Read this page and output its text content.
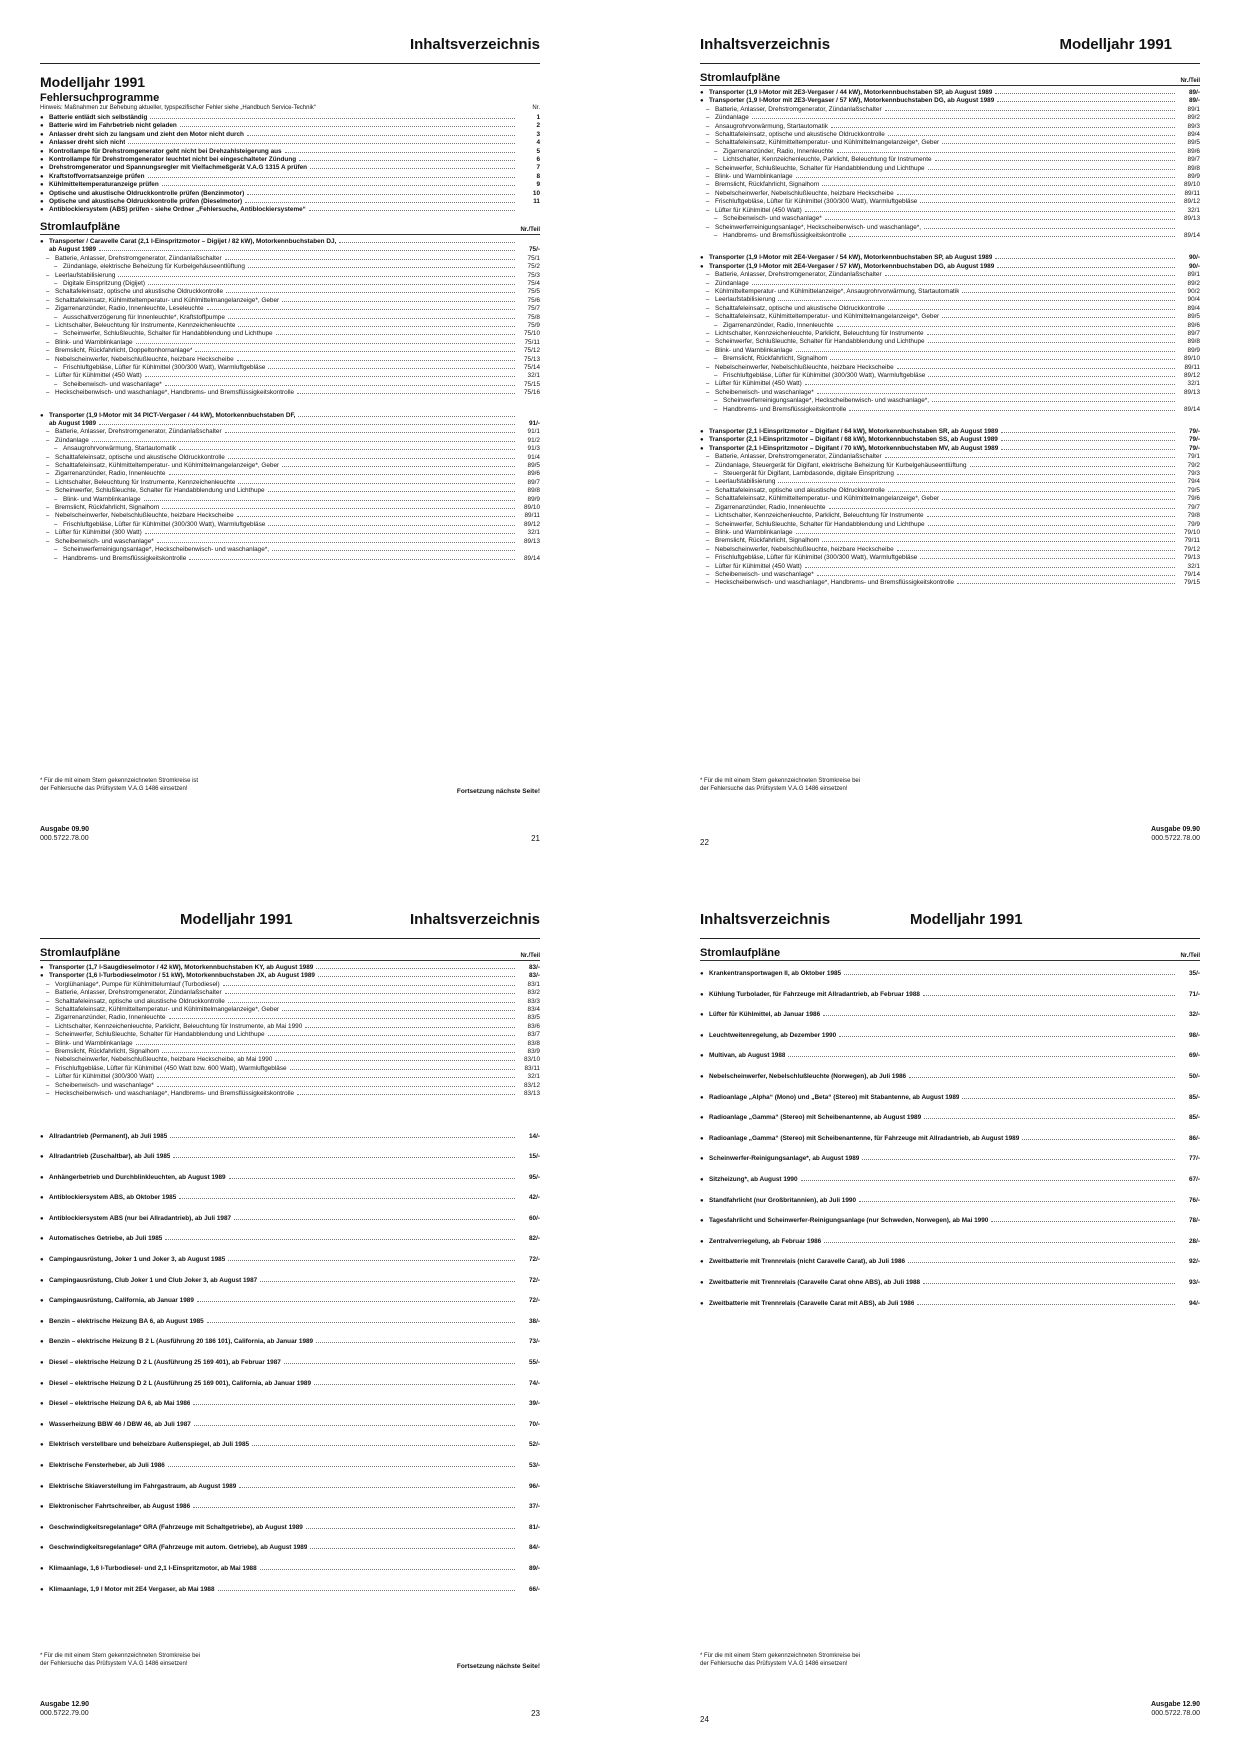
Inhaltsverzeichnis
Modelljahr 1991
Fehlersuchprogramme
Hinweis: Maßnahmen zur Behebung aktueller, typspezifischer Fehler siehe „Handbuch Service-Technik“	Nr.
● Batterie entlädt sich selbständig	1
● Batterie wird im Fahrbetrieb nicht geladen	2
● Anlasser dreht sich zu langsam und zieht den Motor nicht durch	3
● Anlasser dreht sich nicht	4
● Kontrollampe für Drehstromgenerator geht nicht bei Drehzahlsteigerung aus	5
● Kontrollampe für Drehstromgenerator leuchtet nicht bei eingeschalteter Zündung	6
● Drehstromgenerator und Spannungsregler mit Vielfachmeßgerät V.A.G 1315 A prüfen	7
● Kraftstoffvorratsanzeige prüfen	8
● Kühlmitteltemperaturanzeige prüfen	9
● Optische und akustische Öldruckkontrolle prüfen (Benzinmotor)	10
● Optische und akustische Öldruckkontrolle prüfen (Dieselmotor)	11
● Antiblockiersystem (ABS) prüfen - siehe Ordner „Fehlersuche, Antiblockiersysteme“
Stromlaufpläne	Nr./Teil
● Transporter / Caravelle Carat (2,1 l-Einspritzmotor – Digijet / 82 kW), Motorkennbuchstaben DJ,
ab August 1989	75/-
– Batterie, Anlasser, Drehstromgenerator, Zündanlaßschalter	75/1
– Zündanlage, elektrische Beheizung für Kurbelgehäuseentlüftung	75/2
– Leerlaufstabilisierung	75/3
– Digitale Einspritzung (Digijet)	75/4
– Schaltafeleinsatz, optische und akustische Öldruckkontrolle	75/5
– Schalttafeleinsatz, Kühlmitteltemperatur- und Kühlmittelmangelanzeige*, Geber	75/6
– Zigarrenanzünder, Radio, Innenleuchte, Leseleuchte	75/7
– Ausschaltverzögerung für Innenleuchte*, Kraftstoffpumpe	75/8
– Lichtschalter, Beleuchtung für Instrumente, Kennzeichenleuchte	75/9
– Scheinwerfer, Schlußleuchte, Schalter für Handabblendung und Lichthupe	75/10
– Blink- und Warnblinkanlage	75/11
– Bremslicht, Rückfahrlicht, Doppeltonhornanlage*	75/12
– Nebelscheinwerfer, Nebelschlußleuchte, heizbare Heckscheibe	75/13
– Frischluftgebläse, Lüfter für Kühlmittel (300/300 Watt), Warmluftgebläse	75/14
– Lüfter für Kühlmittel (450 Watt)	32/1
– Scheibenwisch- und waschanlage*	75/15
– Heckscheibenwisch- und waschanlage*, Handbrems- und Bremsflüssigkeitskontrolle	75/16
● Transporter (1,9 l-Motor mit 34 PICT-Vergaser / 44 kW), Motorkennbuchstaben DF,
ab August 1989	91/-
– Batterie, Anlasser, Drehstromgenerator, Zündanlaßschalter	91/1
– Zündanlage	91/2
– Ansaugrohrvorwärmung, Startautomatik	91/3
– Schalttafeleinsatz, optische und akustische Öldruckkontrolle	91/4
– Schalttafeleinsatz, Kühlmitteltemperatur- und Kühlmittelmangelanzeige*, Geber	89/5
– Zigarrenanzünder, Radio, Innenleuchte	89/6
– Lichtschalter, Beleuchtung für Instrumente, Kennzeichenleuchte	89/7
– Scheinwerfer, Schlußleuchte, Schalter für Handabblendung und Lichthupe	89/8
– Blink- und Warnblinkanlage	89/9
– Bremslicht, Rückfahrlicht, Signalhorn	89/10
– Nebelscheinwerfer, Nebelschlußleuchte, heizbare Heckscheibe	89/11
– Frischluftgebläse, Lüfter für Kühlmittel (300/300 Watt), Warmluftgebläse	89/12
– Lüfter für Kühlmittel (300 Watt)	32/1
– Scheibenwisch- und waschanlage*	89/13
– Scheinwerferreinigungsanlage*, Heckscheibenwisch- und waschanlage*,
– Handbrems- und Bremsflüssigkeitskontrolle	89/14
* Für die mit einem Stern gekennzeichneten Stromkreise ist
der Fehlersuche das Prüfsystem V.A.G 1486 einsetzen!	Fortsetzung nächste Seite!
Ausgabe 09.90
000.5722.78.00	21
Inhaltsverzeichnis	Modelljahr 1991
Stromlaufpläne	Nr./Teil
● Transporter (1,9 l-Motor mit 2E3-Vergaser / 44 kW), Motorkennbuchstaben SP, ab August 1989	89/-
● Transporter (1,9 l-Motor mit 2E3-Vergaser / 57 kW), Motorkennbuchstaben DG, ab August 1989	89/-
– Batterie, Anlasser, Drehstromgenerator, Zündanlaßschalter	89/1
– Zündanlage	89/2
– Ansaugrohrvorwärmung, Startautomatik	89/3
– Schalttafeleinsatz, optische und akustische Öldruckkontrolle	89/4
– Schalttafeleinsatz, Kühlmitteltemperatur- und Kühlmittelmangelanzeige*, Geber	89/5
– Zigarrenanzünder, Radio, Innenleuchte	89/6
– Lichtschalter, Kennzeichenleuchte, Parklicht, Beleuchtung für Instrumente	89/7
– Scheinwerfer, Schlußleuchte, Schalter für Handabblendung und Lichthupe	89/8
– Blink- und Warnblinkanlage	89/9
– Bremslicht, Rückfahrlicht, Signalhorn	89/10
– Nebelscheinwerfer, Nebelschlußleuchte, heizbare Heckscheibe	89/11
– Frischluftgebläse, Lüfter für Kühlmittel (300/300 Watt), Warmluftgebläse	89/12
– Lüfter für Kühlmittel (450 Watt)	32/1
– Scheibenwisch- und waschanlage*	89/13
– Scheinwerferreinigungsanlage*, Heckscheibenwisch- und waschanlage*,
– Handbrems- und Bremsflüssigkeitskontrolle	89/14
● Transporter (1,9 l-Motor mit 2E4-Vergaser / 54 kW), Motorkennbuchstaben SP, ab August 1989	90/-
● Transporter (1,9 l-Motor mit 2E4-Vergaser / 57 kW), Motorkennbuchstaben DG, ab August 1989	90/-
– Batterie, Anlasser, Drehstromgenerator, Zündanlaßschalter	89/1
– Zündanlage	89/2
– Kühlmitteltemperatur- und Kühlmittelanzeige*, Ansaugrohrvorwärmung, Startautomatik	90/2
– Leerlaufstabilisierung	90/4
– Schalttafeleinsatz, optische und akustische Öldruckkontrolle	89/4
– Schalttafeleinsatz, Kühlmitteltemperatur- und Kühlmittelmangelanzeige*, Geber	89/5
– Zigarrenanzünder, Radio, Innenleuchte	89/6
– Lichtschalter, Kennzeichenleuchte, Parklicht, Beleuchtung für Instrumente	89/7
– Scheinwerfer, Schlußleuchte, Schalter für Handabblendung und Lichthupe	89/8
– Blink- und Warnblinkanlage	89/9
– Bremslicht, Rückfahrlicht, Signalhorn	89/10
– Nebelscheinwerfer, Nebelschlußleuchte, heizbare Heckscheibe	89/11
– Frischluftgebläse, Lüfter für Kühlmittel (300/300 Watt), Warmluftgebläse	89/12
– Lüfter für Kühlmittel (450 Watt)	32/1
– Scheibenwisch- und waschanlage*	89/13
– Scheinwerferreinigungsanlage*, Heckscheibenwisch- und waschanlage*,
– Handbrems- und Bremsflüssigkeitskontrolle	89/14
● Transporter (2,1 l-Einspritzmotor – Digifant / 64 kW), Motorkennbuchstaben SR, ab August 1989	79/-
● Transporter (2,1 l-Einspritzmotor – Digifant / 68 kW), Motorkennbuchstaben SS, ab August 1989	79/-
● Transporter (2,1 l-Einspritzmotor – Digifant / 70 kW), Motorkennbuchstaben MV, ab August 1989	79/-
– Batterie, Anlasser, Drehstromgenerator, Zündanlaßschalter	79/1
– Zündanlage, Steuergerät für Digifant, elektrische Beheizung für Kurbelgehäuseentlüftung	79/2
– Steuergerät für Digifant, Lambdasonde, digitale Einspritzung	79/3
– Leerlaufstabilisierung	79/4
– Schalttafeleinsatz, optische und akustische Öldruckkontrolle	79/5
– Schalttafeleinsatz, Kühlmitteltemperatur- und Kühlmittelmangelanzeige*, Geber	79/6
– Zigarrenanzünder, Radio, Innenleuchte	79/7
– Lichtschalter, Kennzeichenleuchte, Parklicht, Beleuchtung für Instrumente	79/8
– Scheinwerfer, Schlußleuchte, Schalter für Handabblendung und Lichthupe	79/9
– Blink- und Warnblinkanlage	79/10
– Bremslicht, Rückfahrlicht, Signalhorn	79/11
– Nebelscheinwerfer, Nebelschlußleuchte, heizbare Heckscheibe	79/12
– Frischluftgebläse, Lüfter für Kühlmittel (300/300 Watt), Warmluftgebläse	79/13
– Lüfter für Kühlmittel (450 Watt)	32/1
– Scheibenwisch- und waschanlage*	79/14
– Heckscheibenwisch- und waschanlage*, Handbrems- und Bremsflüssigkeitskontrolle	79/15
* Für die mit einem Stern gekennzeichneten Stromkreise bei
der Fehlersuche das Prüfsystem V.A.G 1486 einsetzen!
22
Ausgabe 09.90
000.5722.78.00
Modelljahr 1991	Inhaltsverzeichnis
Stromlaufpläne	Nr./Teil
● Transporter (1,7 l-Saugdieselmotor / 42 kW), Motorkennbuchstaben KY, ab August 1989	83/-
● Transporter (1,6 l-Turbodieselmotor / 51 kW), Motorkennbuchstaben JX, ab August 1989	83/-
– Vorglühanlage*, Pumpe für Kühlmittelumlauf (Turbodiesel)	83/1
– Batterie, Anlasser, Drehstromgenerator, Zündanlaßschalter	83/2
– Schalttafeleinsatz, optische und akustische Öldruckkontrolle	83/3
– Schalttafeleinsatz, Kühlmitteltemperatur- und Kühlmittelmangelanzeige*, Geber	83/4
– Zigarrenanzünder, Radio, Innenleuchte	83/5
– Lichtschalter, Kennzeichenleuchte, Parklicht, Beleuchtung für Instrumente, ab Mai 1990	83/6
– Scheinwerfer, Schlußleuchte, Schalter für Handabblendung und Lichthupe	83/7
– Blink- und Warnblinkanlage	83/8
– Bremslicht, Rückfahrlicht, Signalhorn	83/9
– Nebelscheinwerfer, Nebelschlußleuchte, heizbare Heckscheibe, ab Mai 1990	83/10
– Frischluftgebläse, Lüfter für Kühlmittel (450 Watt bzw. 600 Watt), Warmluftgebläse	83/11
– Lüfter für Kühlmittel (300/300 Watt)	32/1
– Scheibenwisch- und waschanlage*	83/12
– Heckscheibenwisch- und waschanlage*, Handbrems- und Bremsflüssigkeitskontrolle	83/13
● Allradantrieb (Permanent), ab Juli 1985	14/-
● Allradantrieb (Zuschaltbar), ab Juli 1985	15/-
● Anhängerbetrieb und Durchblinkleuchten, ab August 1989	95/-
● Antiblockiersystem ABS, ab Oktober 1985	42/-
● Antiblockiersystem ABS (nur bei Allradantrieb), ab Juli 1987	60/-
● Automatisches Getriebe, ab Juli 1985	82/-
● Campingausrüstung, Joker 1 und Joker 3, ab August 1985	72/-
● Campingausrüstung, Club Joker 1 und Club Joker 3, ab August 1987	72/-
● Campingausrüstung, California, ab Januar 1989	72/-
● Benzin – elektrische Heizung BA 6, ab August 1985	38/-
● Benzin – elektrische Heizung B 2 L (Ausführung 20 186 101), California, ab Januar 1989	73/-
● Diesel – elektrische Heizung D 2 L (Ausführung 25 169 401), ab Februar 1987	55/-
● Diesel – elektrische Heizung D 2 L (Ausführung 25 169 001), California, ab Januar 1989	74/-
● Diesel – elektrische Heizung DA 6, ab Mai 1986	39/-
● Wasserheizung BBW 46 / DBW 46, ab Juli 1987	70/-
● Elektrisch verstellbare und beheizbare Außenspiegel, ab Juli 1985	52/-
● Elektrische Fensterheber, ab Juli 1986	53/-
● Elektrische Skiaverstellung im Fahrgastraum, ab August 1989	96/-
● Elektronischer Fahrtschreiber, ab August 1986	37/-
● Geschwindigkeitsregelanlage* GRA (Fahrzeuge mit Schaltgetriebe), ab August 1989	81/-
● Geschwindigkeitsregelanlage* GRA (Fahrzeuge mit autom. Getriebe), ab August 1989	84/-
● Klimaanlage, 1,6 l-Turbodiesel- und 2,1 l-Einspritzmotor, ab Mai 1988	89/-
● Klimaanlage, 1,9 l Motor mit 2E4 Vergaser, ab Mai 1988	66/-
* Für die mit einem Stern gekennzeichneten Stromkreise bei
der Fehlersuche das Prüfsystem V.A.G 1486 einsetzen!	Fortsetzung nächste Seite!
Ausgabe 12.90
000.5722.79.00	23
Inhaltsverzeichnis	Modelljahr 1991
Stromlaufpläne	Nr./Teil
● Krankentransportwagen II, ab Oktober 1985	35/-
● Kühlung Turbolader, für Fahrzeuge mit Allradantrieb, ab Februar 1988	71/-
● Lüfter für Kühlmittel, ab Januar 1986	32/-
● Leuchtweitenregelung, ab Dezember 1990	98/-
● Multivan, ab August 1988	69/-
● Nebelscheinwerfer, Nebelschlußleuchte (Norwegen), ab Juli 1986	50/-
● Radioanlage „Alpha“ (Mono) und „Beta“ (Stereo) mit Stabantenne, ab August 1989	85/-
● Radioanlage „Gamma“ (Stereo) mit Scheibenantenne, ab August 1989	85/-
● Radioanlage „Gamma“ (Stereo) mit Scheibenantenne, für Fahrzeuge mit Allradantrieb, ab August 1989	86/-
● Scheinwerfer-Reinigungsanlage*, ab August 1989	77/-
● Sitzheizung*, ab August 1990	67/-
● Standfahrlicht (nur Großbritannien), ab Juli 1990	76/-
● Tagesfahrlicht und Scheinwerfer-Reinigungsanlage (nur Schweden, Norwegen), ab Mai 1990	78/-
● Zentralverriegelung, ab Februar 1986	28/-
● Zweitbatterie mit Trennrelais (nicht Caravelle Carat), ab Juli 1986	92/-
● Zweitbatterie mit Trennrelais (Caravelle Carat ohne ABS), ab Juli 1988	93/-
● Zweitbatterie mit Trennrelais (Caravelle Carat mit ABS), ab Juli 1986	94/-
* Für die mit einem Stern gekennzeichneten Stromkreise bei
der Fehlersuche das Prüfsystem V.A.G 1486 einsetzen!
24
Ausgabe 12.90
000.5722.78.00
